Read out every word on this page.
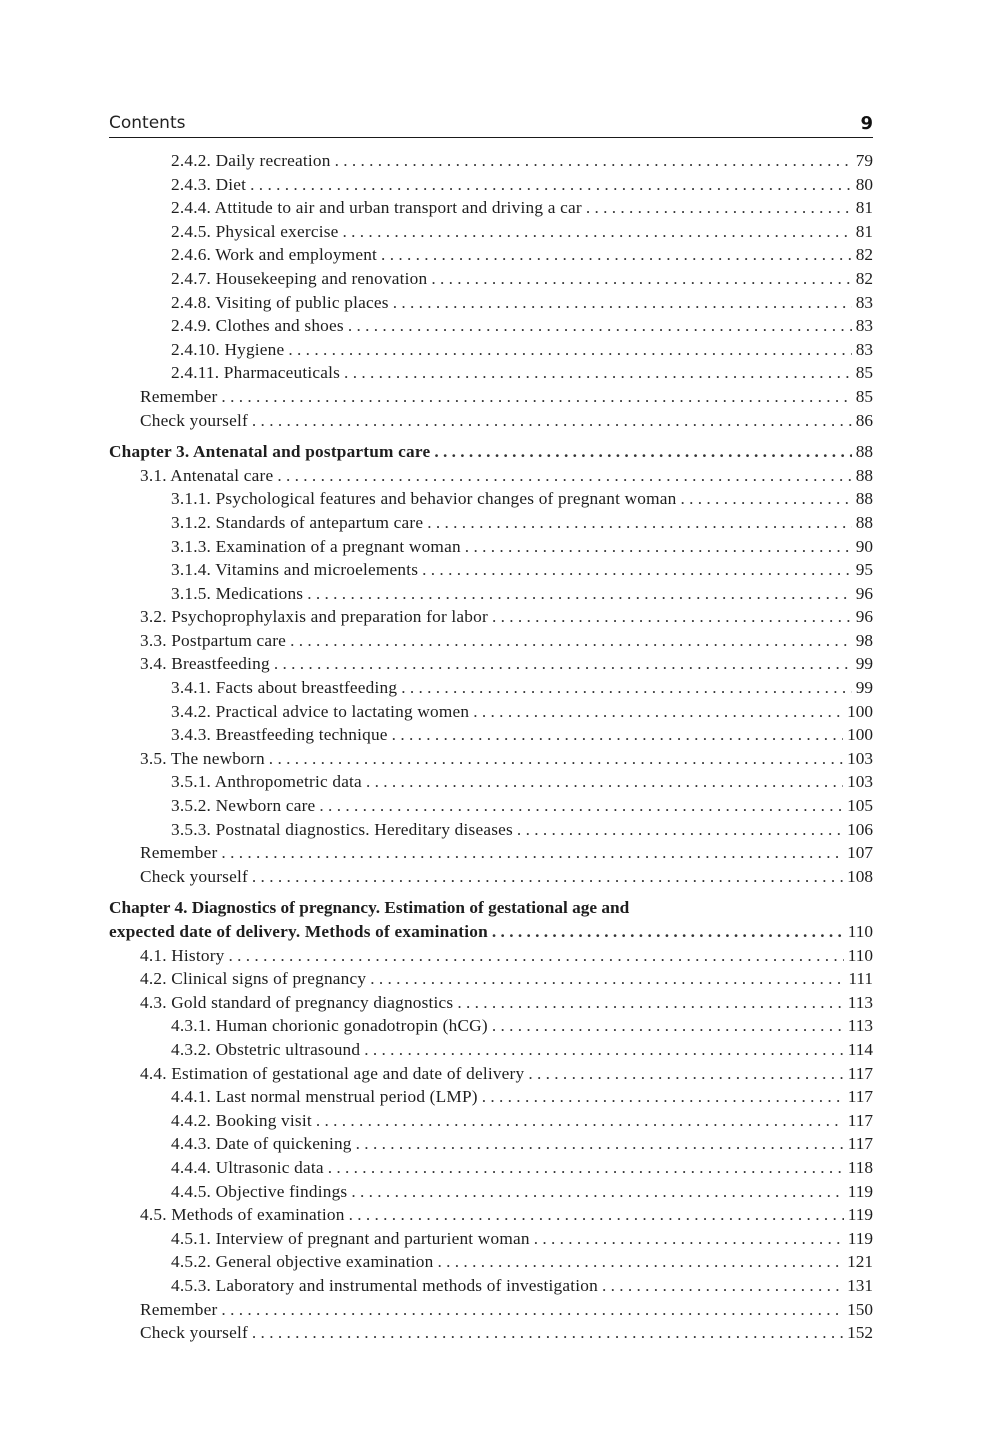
Contents	9
2.4.2. Daily recreation . . .	79
2.4.3. Diet . . .	80
2.4.4. Attitude to air and urban transport and driving a car . . .	81
2.4.5. Physical exercise . . .	81
2.4.6. Work and employment . . .	82
2.4.7. Housekeeping and renovation . . .	82
2.4.8. Visiting of public places . . .	83
2.4.9. Clothes and shoes . . .	83
2.4.10. Hygiene . . .	83
2.4.11. Pharmaceuticals . . .	85
Remember . . .	85
Check yourself . . .	86
Chapter 3. Antenatal and postpartum care . . .	88
3.1. Antenatal care . . .	88
3.1.1. Psychological features and behavior changes of pregnant woman . . .	88
3.1.2. Standards of antepartum care . . .	88
3.1.3. Examination of a pregnant woman . . .	90
3.1.4. Vitamins and microelements . . .	95
3.1.5. Medications . . .	96
3.2. Psychoprophylaxis and preparation for labor . . .	96
3.3. Postpartum care . . .	98
3.4. Breastfeeding . . .	99
3.4.1. Facts about breastfeeding . . .	99
3.4.2. Practical advice to lactating women . . .	100
3.4.3. Breastfeeding technique . . .	100
3.5. The newborn . . .	103
3.5.1. Anthropometric data . . .	103
3.5.2. Newborn care . . .	105
3.5.3. Postnatal diagnostics. Hereditary diseases . . .	106
Remember . . .	107
Check yourself . . .	108
Chapter 4. Diagnostics of pregnancy. Estimation of gestational age and
expected date of delivery. Methods of examination . . .	110
4.1. History . . .	110
4.2. Clinical signs of pregnancy . . .	111
4.3. Gold standard of pregnancy diagnostics . . .	113
4.3.1. Human chorionic gonadotropin (hCG) . . .	113
4.3.2. Obstetric ultrasound . . .	114
4.4. Estimation of gestational age and date of delivery . . .	117
4.4.1. Last normal menstrual period (LMP) . . .	117
4.4.2. Booking visit . . .	117
4.4.3. Date of quickening . . .	117
4.4.4. Ultrasonic data . . .	118
4.4.5. Objective findings . . .	119
4.5. Methods of examination . . .	119
4.5.1. Interview of pregnant and parturient woman . . .	119
4.5.2. General objective examination . . .	121
4.5.3. Laboratory and instrumental methods of investigation . . .	131
Remember . . .	150
Check yourself . . .	152
